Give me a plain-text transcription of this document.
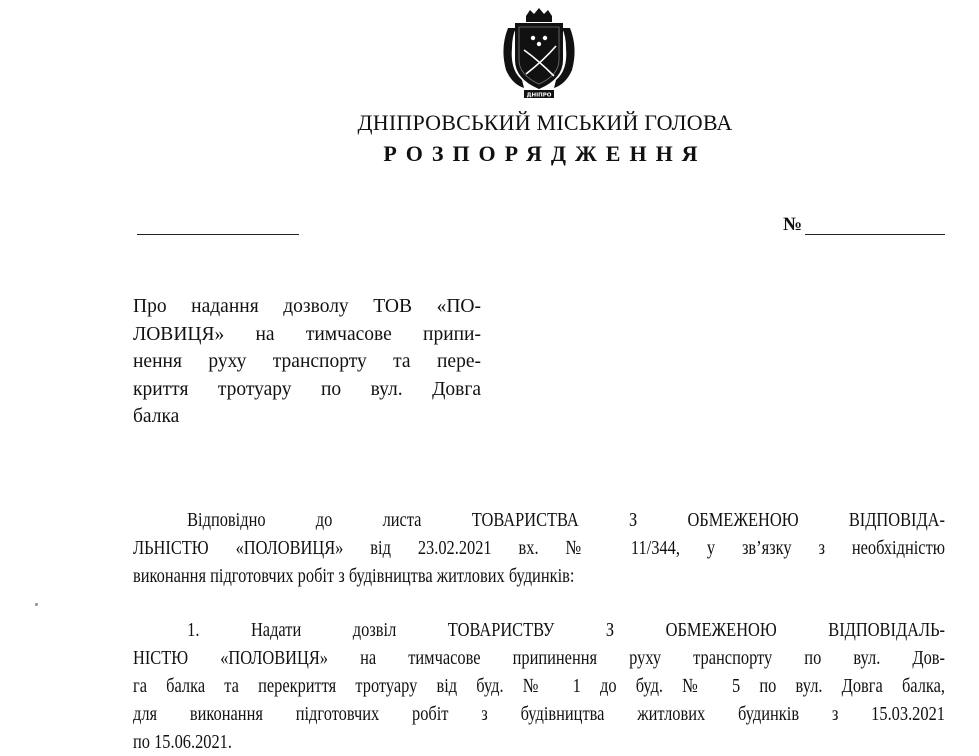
ДНІПРО
ДНІПРОВСЬКИЙ МІСЬКИЙ ГОЛОВА
РОЗПОРЯДЖЕННЯ
№
Про надання дозволу ТОВ «ПО-
ЛОВИЦЯ» на тимчасове припи-
нення руху транспорту та пере-
криття тротуару по вул. Довга
балка
Відповідно до листа ТОВАРИСТВА З ОБМЕЖЕНОЮ ВІДПОВІДА-
ЛЬНІСТЮ «ПОЛОВИЦЯ» від 23.02.2021 вх. № 11/344, у зв’язку з необхідністю
виконання підготовчих робіт з будівництва житлових будинків:
1. Надати дозвіл ТОВАРИСТВУ З ОБМЕЖЕНОЮ ВІДПОВІДАЛЬ-
НІСТЮ «ПОЛОВИЦЯ» на тимчасове припинення руху транспорту по вул. Дов-
га балка та перекриття тротуару від буд. № 1 до буд. № 5 по вул. Довга балка,
для виконання підготовчих робіт з будівництва житлових будинків з 15.03.2021
по 15.06.2021.
